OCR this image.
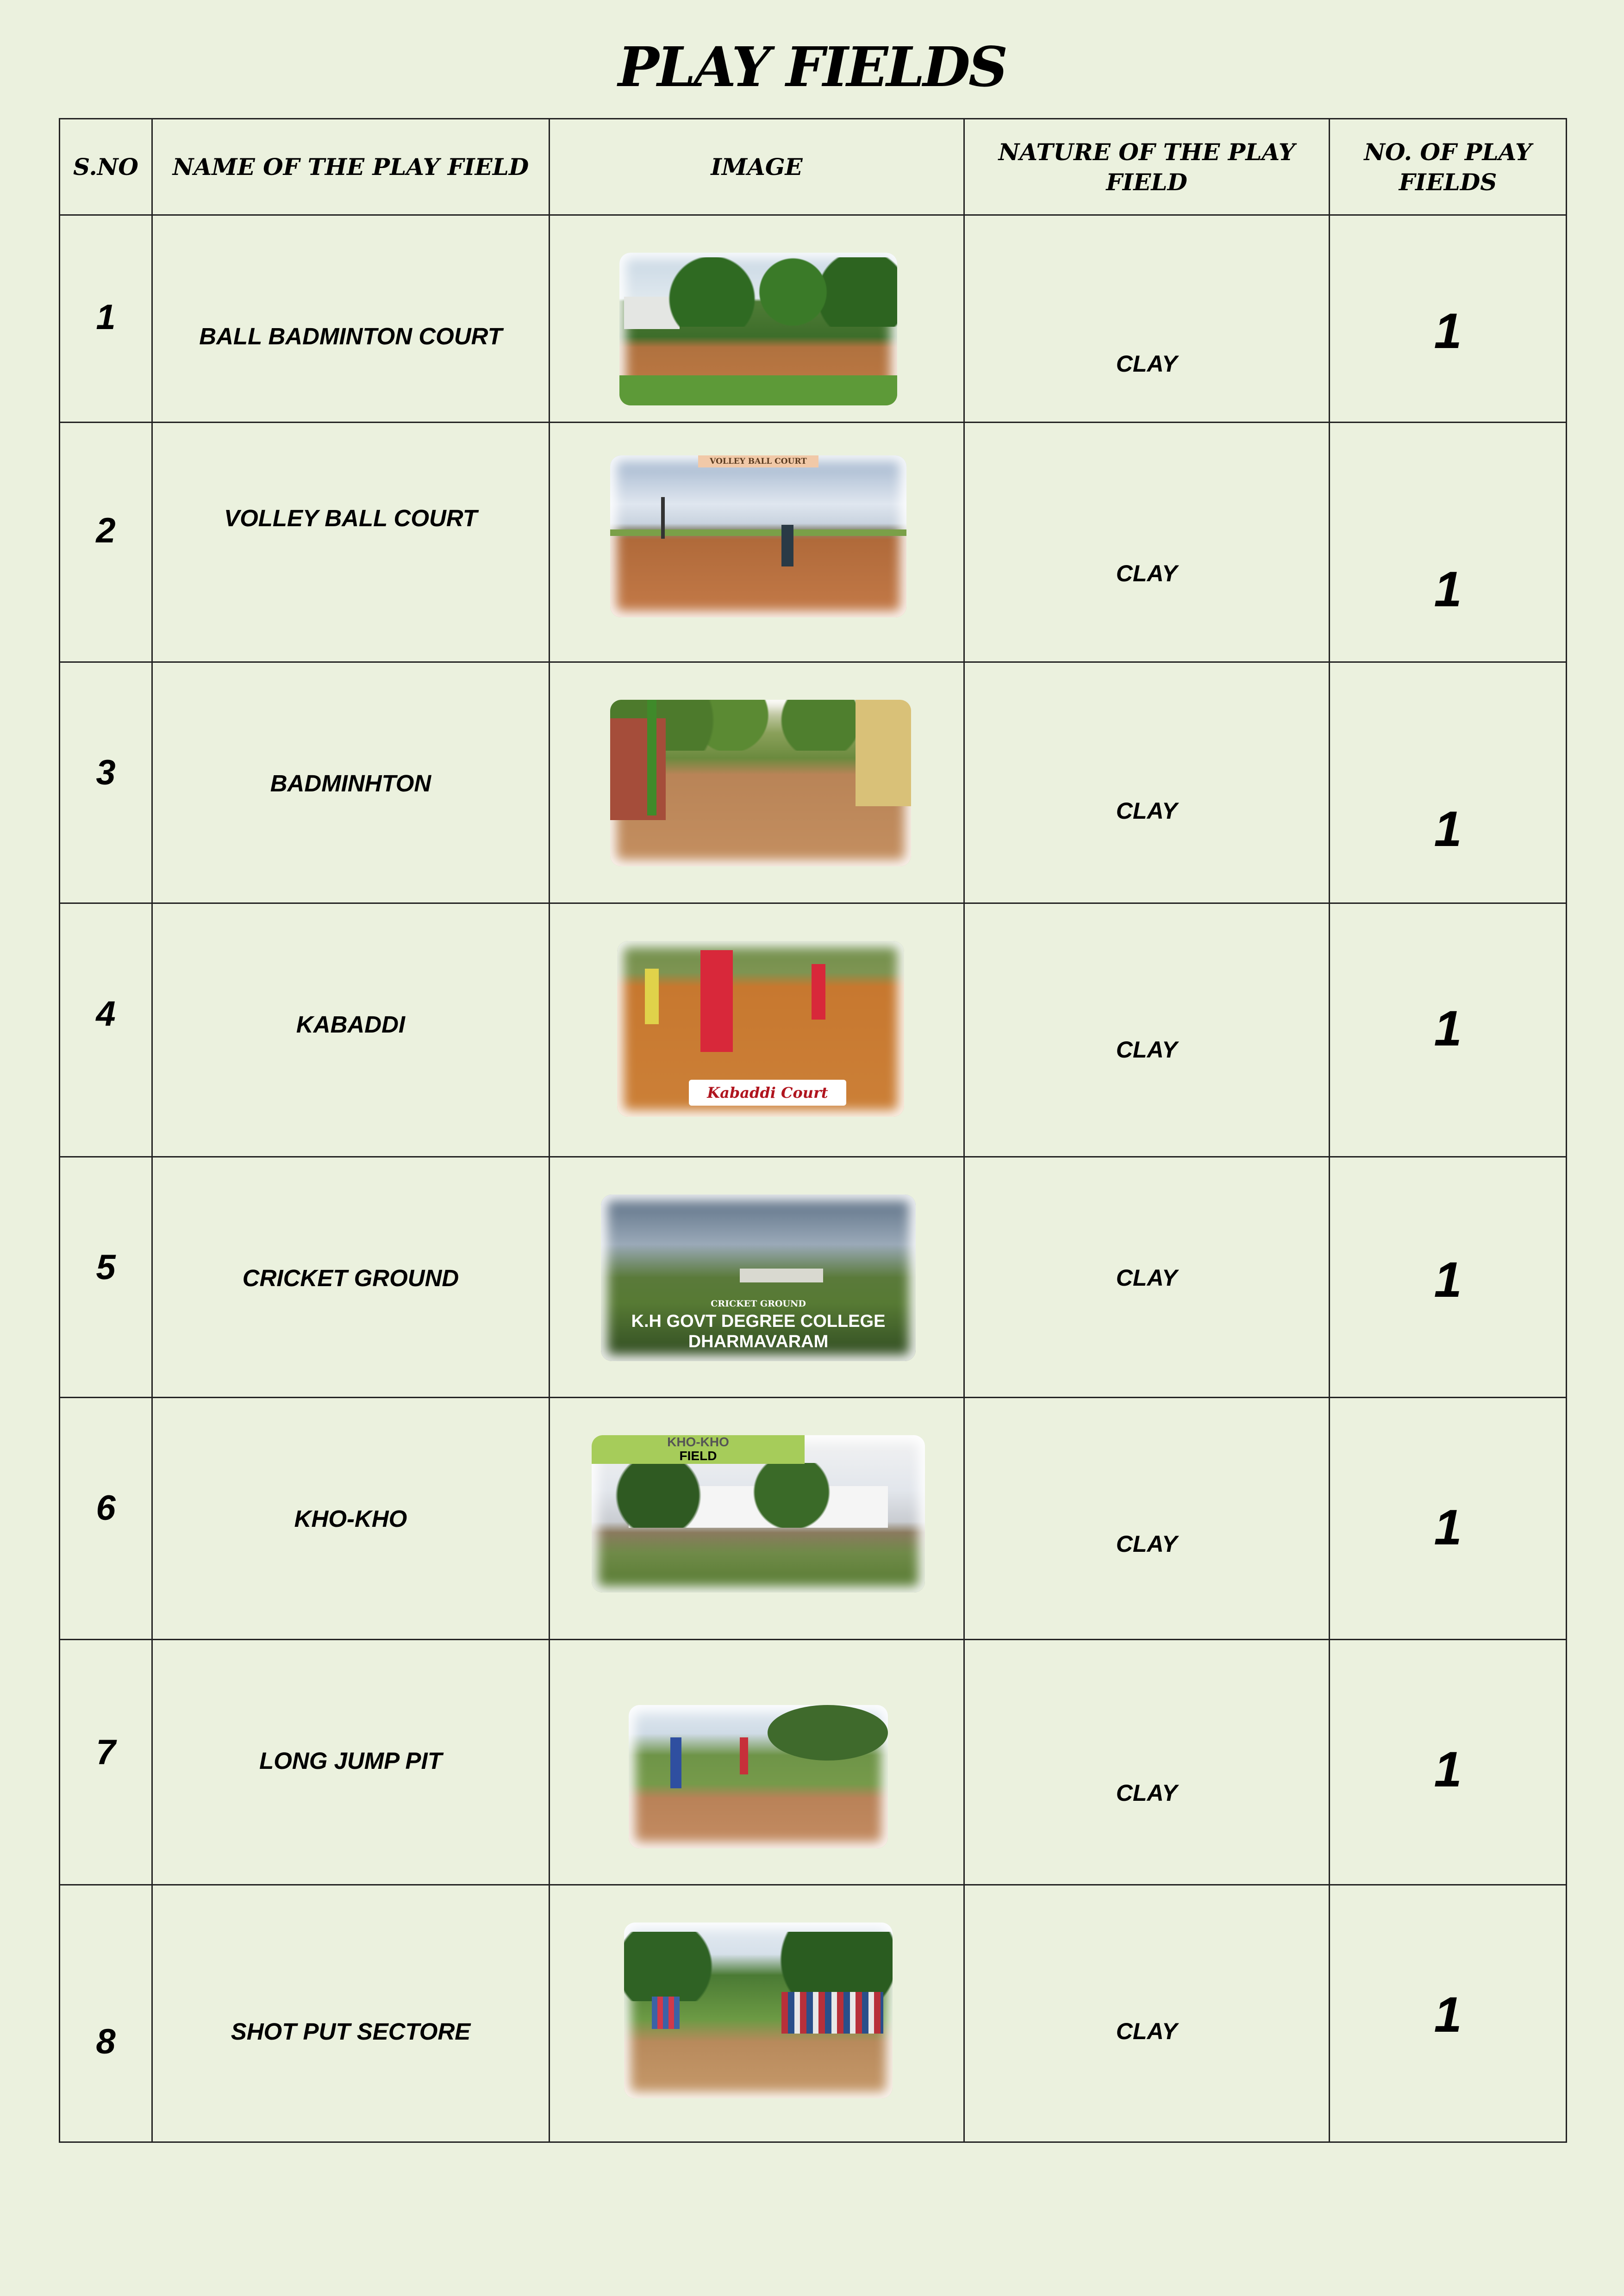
PLAY FIELDS
S.NO	NAME OF THE PLAY FIELD	IMAGE	NATURE OF THE PLAY FIELD	NO. OF PLAY FIELDS

1	BALL BADMINTON COURT		CLAY	1

2	VOLLEY BALL COURT	VOLLEY BALL COURT	CLAY	1

3	BADMINHTON		CLAY	1

4	KABADDI	Kabaddi Court	CLAY	1

5	CRICKET GROUND	CRICKET GROUND
K.H GOVT DEGREE COLLEGE
DHARMAVARAM	CLAY	1

6	KHO-KHO	KHO-KHO
FIELD	CLAY	1

7	LONG JUMP PIT		CLAY	1

8	SHOT PUT SECTORE		CLAY	1
